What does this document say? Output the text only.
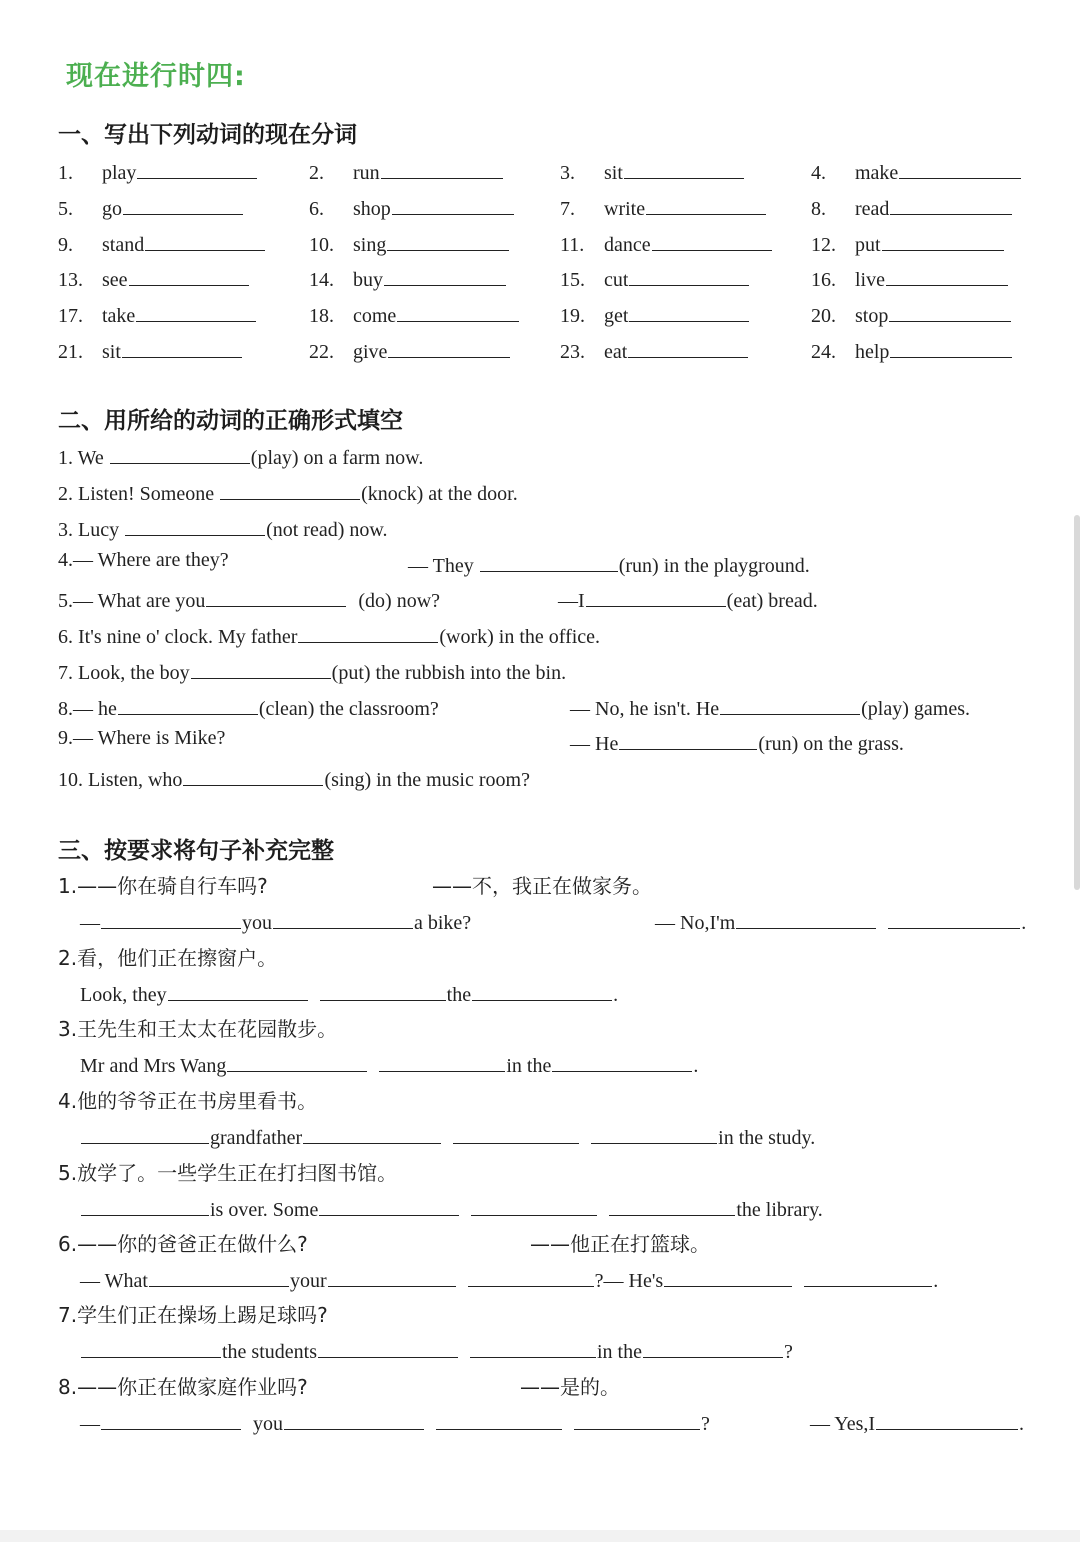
现在进行时四:
一、写出下列动词的现在分词
1. play	2. run	3. sit	4. make
5. go	6. shop	7. write	8. read
9. stand	10. sing	11. dance	12. put
13. see	14. buy	15. cut	16. live
17. take	18. come	19. get	20. stop
21. sit	22. give	23. eat	24. help
二、用所给的动词的正确形式填空
1. We	(play) on a farm now.
2. Listen! Someone	(knock) at the door.
3. Lucy	(not read) now.
4.— Where are they?	— They	(run) in the playground.
5.— What are you	(do) now?	—I	(eat) bread.
6. It's nine o' clock. My father	(work) in the office.
7. Look, the boy	(put) the rubbish into the bin.
8.— he	(clean) the classroom?	— No, he isn't. He	(play) games.
9.— Where is Mike?	— He	(run) on the grass.
10. Listen, who	(sing) in the music room?
三、按要求将句子补充完整
1.——你在骑自行车吗?	——不，我正在做家务。
—	you	a bike?	— No,I'm	.
2.看，他们正在擦窗户。
Look, they	the	.
3.王先生和王太太在花园散步。
Mr and Mrs Wang	in the	.
4.他的爷爷正在书房里看书。
grandfather	in the study.
5.放学了。一些学生正在打扫图书馆。
is over. Some	the library.
6.——你的爸爸正在做什么?	——他正在打篮球。
— What	your	?— He's	.
7.学生们正在操场上踢足球吗?
the students	in the	?
8.——你正在做家庭作业吗?	——是的。
—	you	?	— Yes,I	.
